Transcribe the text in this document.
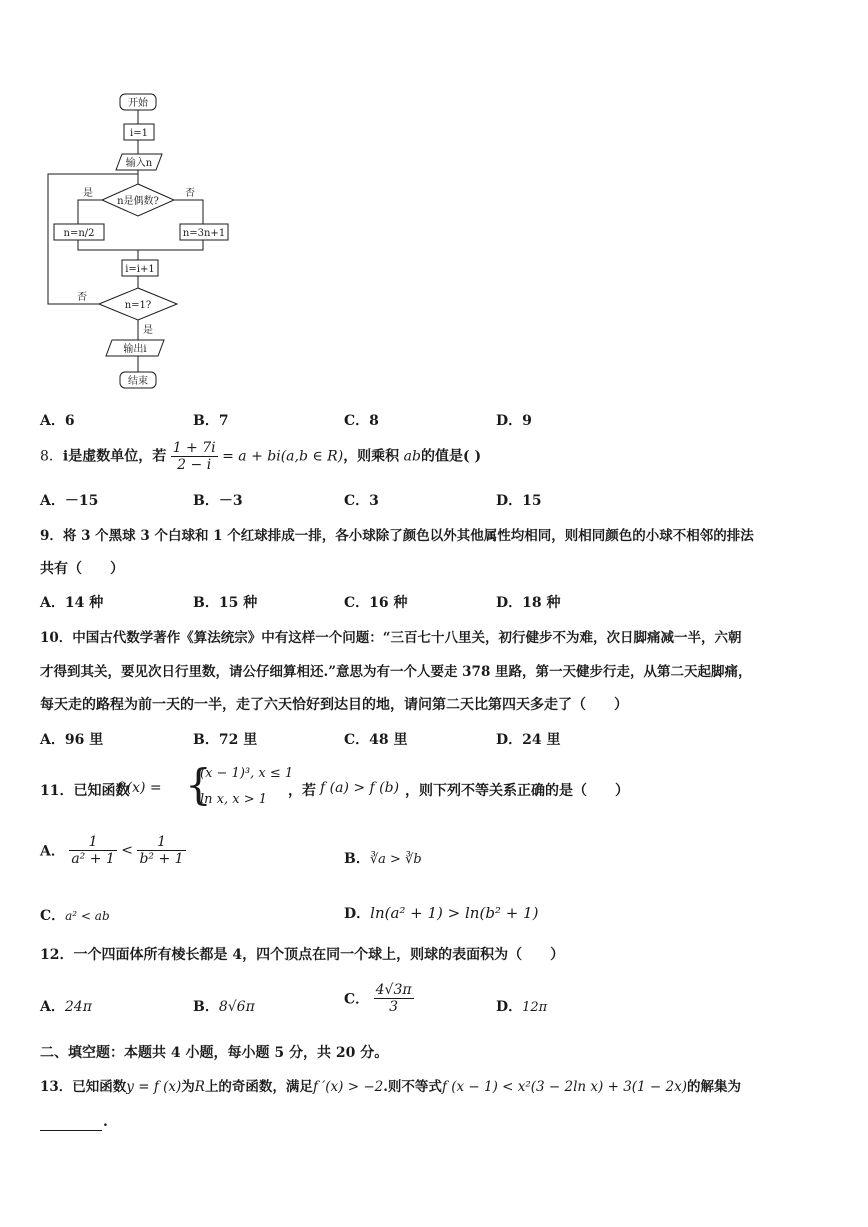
开始
i=1
输入n
n是偶数?
是	否
n=n/2	n=3n+1
i=i+1
n=1?
否
是
输出i
结束
A．6	B．7	C．8	D．9
8．i是虚数单位，若 $\frac{1 + 7i}{2 - i} = a + bi(a,b$ ∈ R)，则乘积 ab的值是( )
A．－15	B．－3	C．3	D．15
9．将 3 个黑球 3 个白球和 1 个红球排成一排，各小球除了颜色以外其他属性均相同，则相同颜色的小球不相邻的排法
共有（　　）
A．14 种	B．15 种	C．16 种	D．18 种
10．中国古代数学著作《算法统宗》中有这样一个问题：“三百七十八里关，初行健步不为难，次日脚痛减一半，六朝
才得到其关，要见次日行里数，请公仔细算相还.”意思为有一个人要走 378 里路，第一天健步行走，从第二天起脚痛，
每天走的路程为前一天的一半，走了六天恰好到达目的地，请问第二天比第四天多走了（　　）
A．96 里	B．72 里	C．48 里	D．24 里
11．已知函数
f (x) = {
(x − 1)³, x ≤ 1
ln x, x > 1
，若 f (a) > f (b) ，则下列不等关系正确的是（　　）
A． $\frac{1}{\text{a² + 1}} < \frac{1}{\text{b² + 1}}$	B．∛a > ∛b
C．a² < ab	D．ln(a² + 1) > ln(b² + 1)
12．一个四面体所有棱长都是 4，四个顶点在同一个球上，则球的表面积为（　　）
A．24π	B．8√6π	C． $\frac{4√3\pi}{3}$	D．12π
二、填空题：本题共 4 小题，每小题 5 分，共 20 分。
13．已知函数y = f (x)为R上的奇函数，满足f ′(x) > −2.则不等式f (x − 1) < x²(3 − 2ln x) + 3(1 − 2x)的解集为
.
